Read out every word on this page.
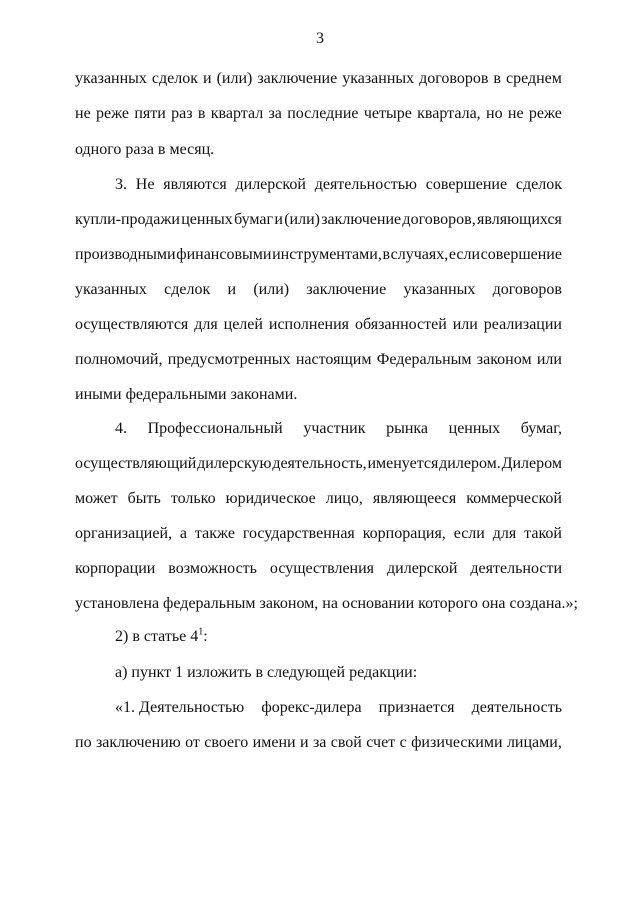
3
указанных сделок и (или) заключение указанных договоров в среднем
не реже пяти раз в квартал за последние четыре квартала, но не реже
одного раза в месяц.
3. Не являются дилерской деятельностью совершение сделок
купли-продажи ценных бумаг и (или) заключение договоров, являющихся
производными финансовыми инструментами, в случаях, если совершение
указанных сделок и (или) заключение указанных договоров
осуществляются для целей исполнения обязанностей или реализации
полномочий, предусмотренных настоящим Федеральным законом или
иными федеральными законами.
4. Профессиональный участник рынка ценных бумаг,
осуществляющий дилерскую деятельность, именуется дилером. Дилером
может быть только юридическое лицо, являющееся коммерческой
организацией, а также государственная корпорация, если для такой
корпорации возможность осуществления дилерской деятельности
установлена федеральным законом, на основании которого она создана.»;
2) в статье $4^1$:
а) пункт 1 изложить в следующей редакции:
«1. Деятельностью форекс-дилера признается деятельность
по заключению от своего имени и за свой счет с физическими лицами,
